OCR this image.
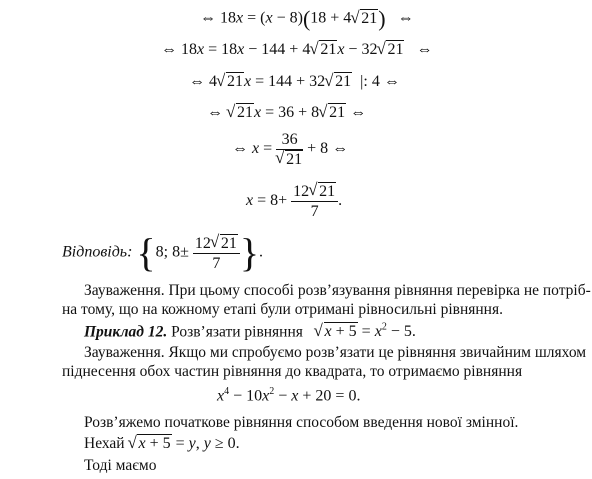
⇔ 18x = (x − 8)(18 + 4 √ 21) ⇔
⇔ 18x = 18x − 144 + 4 √ 21x − 32 √ 21 ⇔
⇔ 4 √ 21x = 144 + 32 √ 21 |: 4 ⇔
⇔ √ 21x = 36 + 8 √ 21 ⇔
⇔ x = 36
√ 21 + 8 ⇔
$x = 8+ \frac{12 √ 21}{7}$ .
Відповідь: {8; $8\pm \frac{12 √ 21}{7}$ }.
Зауваження. При цьому способі розв’язування рівняння перевірка не потріб-
на тому, що на кожному етапі були отримані рівносильні рівняння.
Приклад 12. Розв’язати рівняння √ $x + 5 = x^2 - 5$.
Зауваження. Якщо ми спробуємо розв’язати це рівняння звичайним шляхом
піднесення обох частин рівняння до квадрата, то отримаємо рівняння
$x^4 - 10x^2 - x + 20 = 0$.
Розв’яжемо початкове рівняння способом введення нової змінної.
Нехай √ x + 5 = y, y ≥ 0.
Тоді маємо
